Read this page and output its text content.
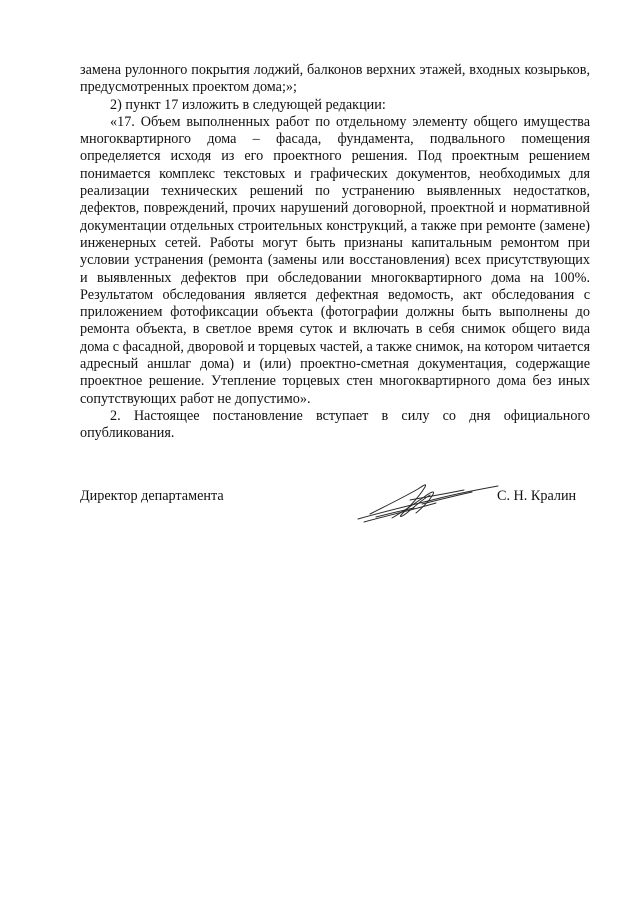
замена рулонного покрытия лоджий, балконов верхних этажей, входных козырьков, предусмотренных проектом дома;»;

2) пункт 17 изложить в следующей редакции:

«17. Объем выполненных работ по отдельному элементу общего имущества многоквартирного дома – фасада, фундамента, подвального помещения определяется исходя из его проектного решения. Под проектным решением понимается комплекс текстовых и графических документов, необходимых для реализации технических решений по устранению выявленных недостатков, дефектов, повреждений, прочих нарушений договорной, проектной и нормативной документации отдельных строительных конструкций, а также при ремонте (замене) инженерных сетей. Работы могут быть признаны капитальным ремонтом при условии устранения (ремонта (замены или восстановления) всех присутствующих и выявленных дефектов при обследовании многоквартирного дома на 100%. Результатом обследования является дефектная ведомость, акт обследования с приложением фотофиксации объекта (фотографии должны быть выполнены до ремонта объекта, в светлое время суток и включать в себя снимок общего вида дома с фасадной, дворовой и торцевых частей, а также снимок, на котором читается адресный аншлаг дома) и (или) проектно-сметная документация, содержащие проектное решение. Утепление торцевых стен многоквартирного дома без иных сопутствующих работ не допустимо».

2. Настоящее постановление вступает в силу со дня официального опубликования.

Директор департамента	С. Н. Кралин
